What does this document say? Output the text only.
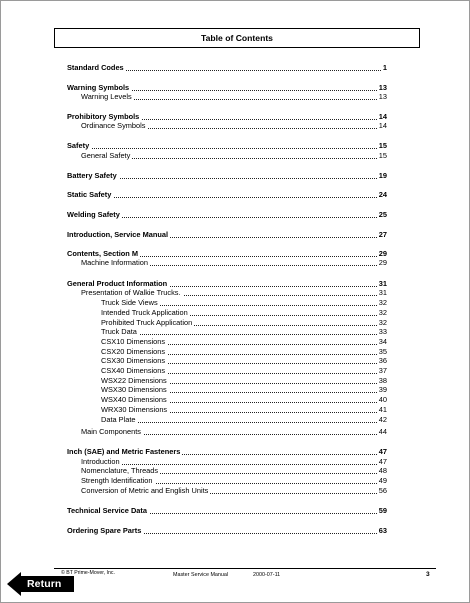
Table of Contents
Standard Codes	1
Warning Symbols	13
Warning Levels	13
Prohibitory Symbols	14
Ordinance Symbols	14
Safety	15
General Safety	15
Battery Safety	19
Static Safety	24
Welding Safety	25
Introduction, Service Manual	27
Contents, Section M	29
Machine Information	29
General Product Information	31
Presentation of Walkie Trucks.	31
Truck Side Views	32
Intended Truck Application	32
Prohibited Truck Application	32
Truck Data	33
CSX10 Dimensions	34
CSX20 Dimensions	35
CSX30 Dimensions	36
CSX40 Dimensions	37
WSX22 Dimensions	38
WSX30 Dimensions	39
WSX40 Dimensions	40
WRX30 Dimensions	41
Data Plate	42
Main Components	44
Inch (SAE) and Metric Fasteners	47
Introduction	47
Nomenclature, Threads	48
Strength Identification	49
Conversion of Metric and English Units	56
Technical Service Data	59
Ordering Spare Parts	63
© BT Prime-Mover, Inc.	Master Service Manual	2000-07-11	3
Return
